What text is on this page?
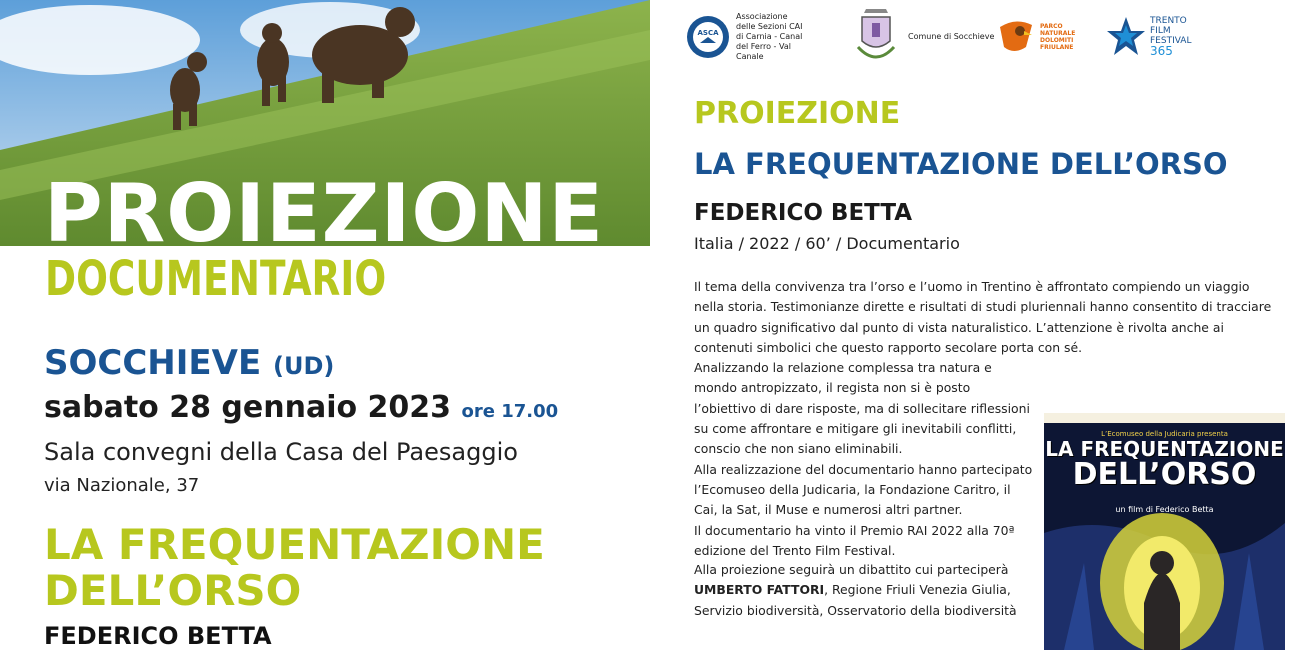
PROIEZIONE
DOCUMENTARIO
SOCCHIEVE (UD)
sabato 28 gennaio 2023 ore 17.00
Sala convegni della Casa del Paesaggio
via Nazionale, 37
LA FREQUENTAZIONE DELL’ORSO
FEDERICO BETTA
ASCA
Associazione delle Sezioni CAI di Carnia - Canal del Ferro - Val Canale
Comune di Socchieve
PARCO NATURALE DOLOMITI FRIULANE
TRENTO FILM FESTIVAL
365
PROIEZIONE
LA FREQUENTAZIONE DELL’ORSO
FEDERICO BETTA
Italia / 2022 / 60’ / Documentario

Il tema della convivenza tra l’orso e l’uomo in Trentino è affrontato compiendo un viaggio nella storia. Testimonianze dirette e risultati di studi pluriennali hanno consentito di tracciare un quadro significativo dal punto di vista naturalistico. L’attenzione è rivolta anche ai contenuti simbolici che questo rapporto secolare porta con sé.

Analizzando la relazione complessa tra natura e mondo antropizzato, il regista non si è posto l’obiettivo di dare risposte, ma di sollecitare riflessioni su come affrontare e mitigare gli inevitabili conflitti, conscio che non siano eliminabili.

Alla realizzazione del documentario hanno partecipato l’Ecomuseo della Judicaria, la Fondazione Caritro, il Cai, la Sat, il Muse e numerosi altri partner.

Il documentario ha vinto il Premio RAI 2022 alla 70ª edizione del Trento Film Festival.

Alla proiezione seguirà un dibattito cui parteciperà

UMBERTO FATTORI, Regione Friuli Venezia Giulia, Servizio biodiversità, Osservatorio della biodiversità

L’Ecomuseo della Judicaria presenta
LA FREQUENTAZIONE
DELL’ORSO
un film di Federico Betta
